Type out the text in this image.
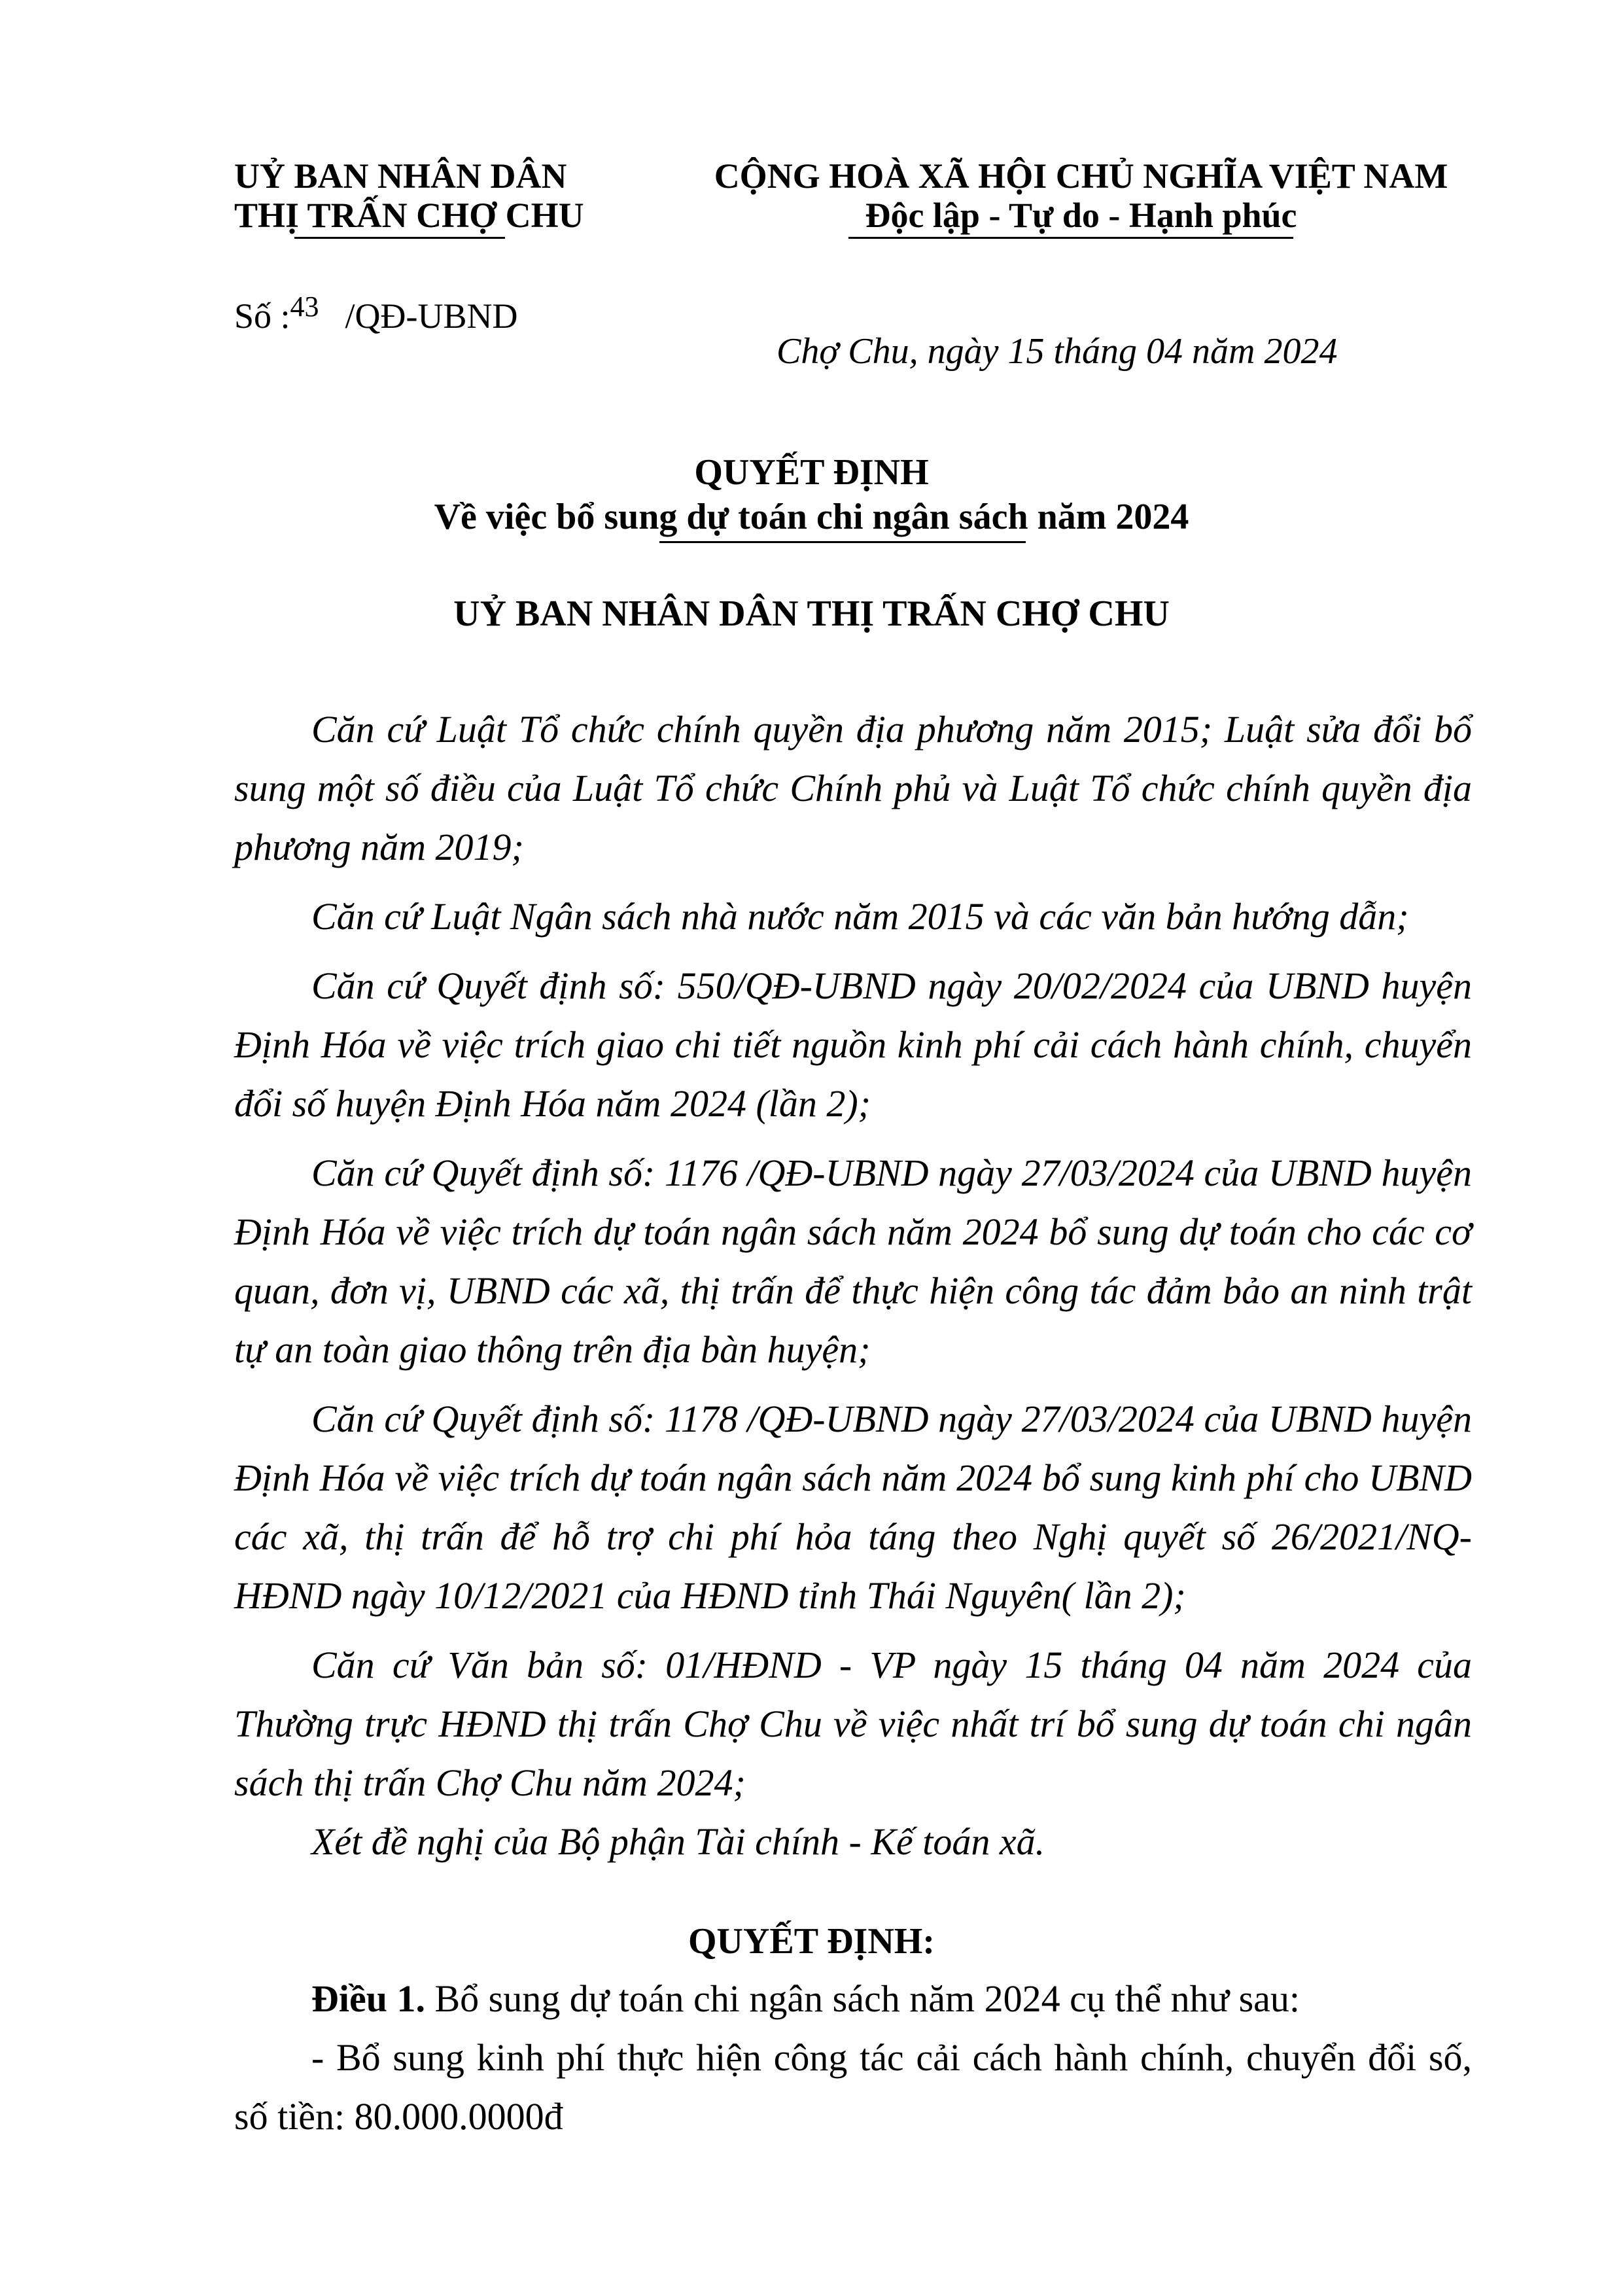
UỶ BAN NHÂN DÂN
THỊ TRẤN CHỢ CHU
CỘNG HOÀ XÃ HỘI CHỦ NGHĨA VIỆT NAM
Độc lập - Tự do - Hạnh phúc
Số :$^{43}$ /QĐ-UBND
Chợ Chu, ngày 15 tháng 04 năm 2024
QUYẾT ĐỊNH
Về việc bổ sung dự toán chi ngân sách năm 2024
UỶ BAN NHÂN DÂN THỊ TRẤN CHỢ CHU

Căn cứ Luật Tổ chức chính quyền địa phương năm 2015; Luật sửa đổi bổ sung một số điều của Luật Tổ chức Chính phủ và Luật Tổ chức chính quyền địa phương năm 2019;

Căn cứ Luật Ngân sách nhà nước năm 2015 và các văn bản hướng dẫn;

Căn cứ Quyết định số: 550/QĐ-UBND ngày 20/02/2024 của UBND huyện Định Hóa về việc trích giao chi tiết nguồn kinh phí cải cách hành chính, chuyển đổi số huyện Định Hóa năm 2024 (lần 2);

Căn cứ Quyết định số: 1176 /QĐ-UBND ngày 27/03/2024 của UBND huyện Định Hóa về việc trích dự toán ngân sách năm 2024 bổ sung dự toán cho các cơ quan, đơn vị, UBND các xã, thị trấn để thực hiện công tác đảm bảo an ninh trật tự an toàn giao thông trên địa bàn huyện;

Căn cứ Quyết định số: 1178 /QĐ-UBND ngày 27/03/2024 của UBND huyện Định Hóa về việc trích dự toán ngân sách năm 2024 bổ sung kinh phí cho UBND các xã, thị trấn để hỗ trợ chi phí hỏa táng theo Nghị quyết số 26/2021/NQ-HĐND ngày 10/12/2021 của HĐND tỉnh Thái Nguyên( lần 2);

Căn cứ Văn bản số: 01/HĐND - VP ngày 15 tháng 04 năm 2024 của Thường trực HĐND thị trấn Chợ Chu về việc nhất trí bổ sung dự toán chi ngân sách thị trấn Chợ Chu năm 2024;

Xét đề nghị của Bộ phận Tài chính - Kế toán xã.

QUYẾT ĐỊNH:

Điều 1. Bổ sung dự toán chi ngân sách năm 2024 cụ thể như sau:

- Bổ sung kinh phí thực hiện công tác cải cách hành chính, chuyển đổi số, số tiền: 80.000.0000đ
